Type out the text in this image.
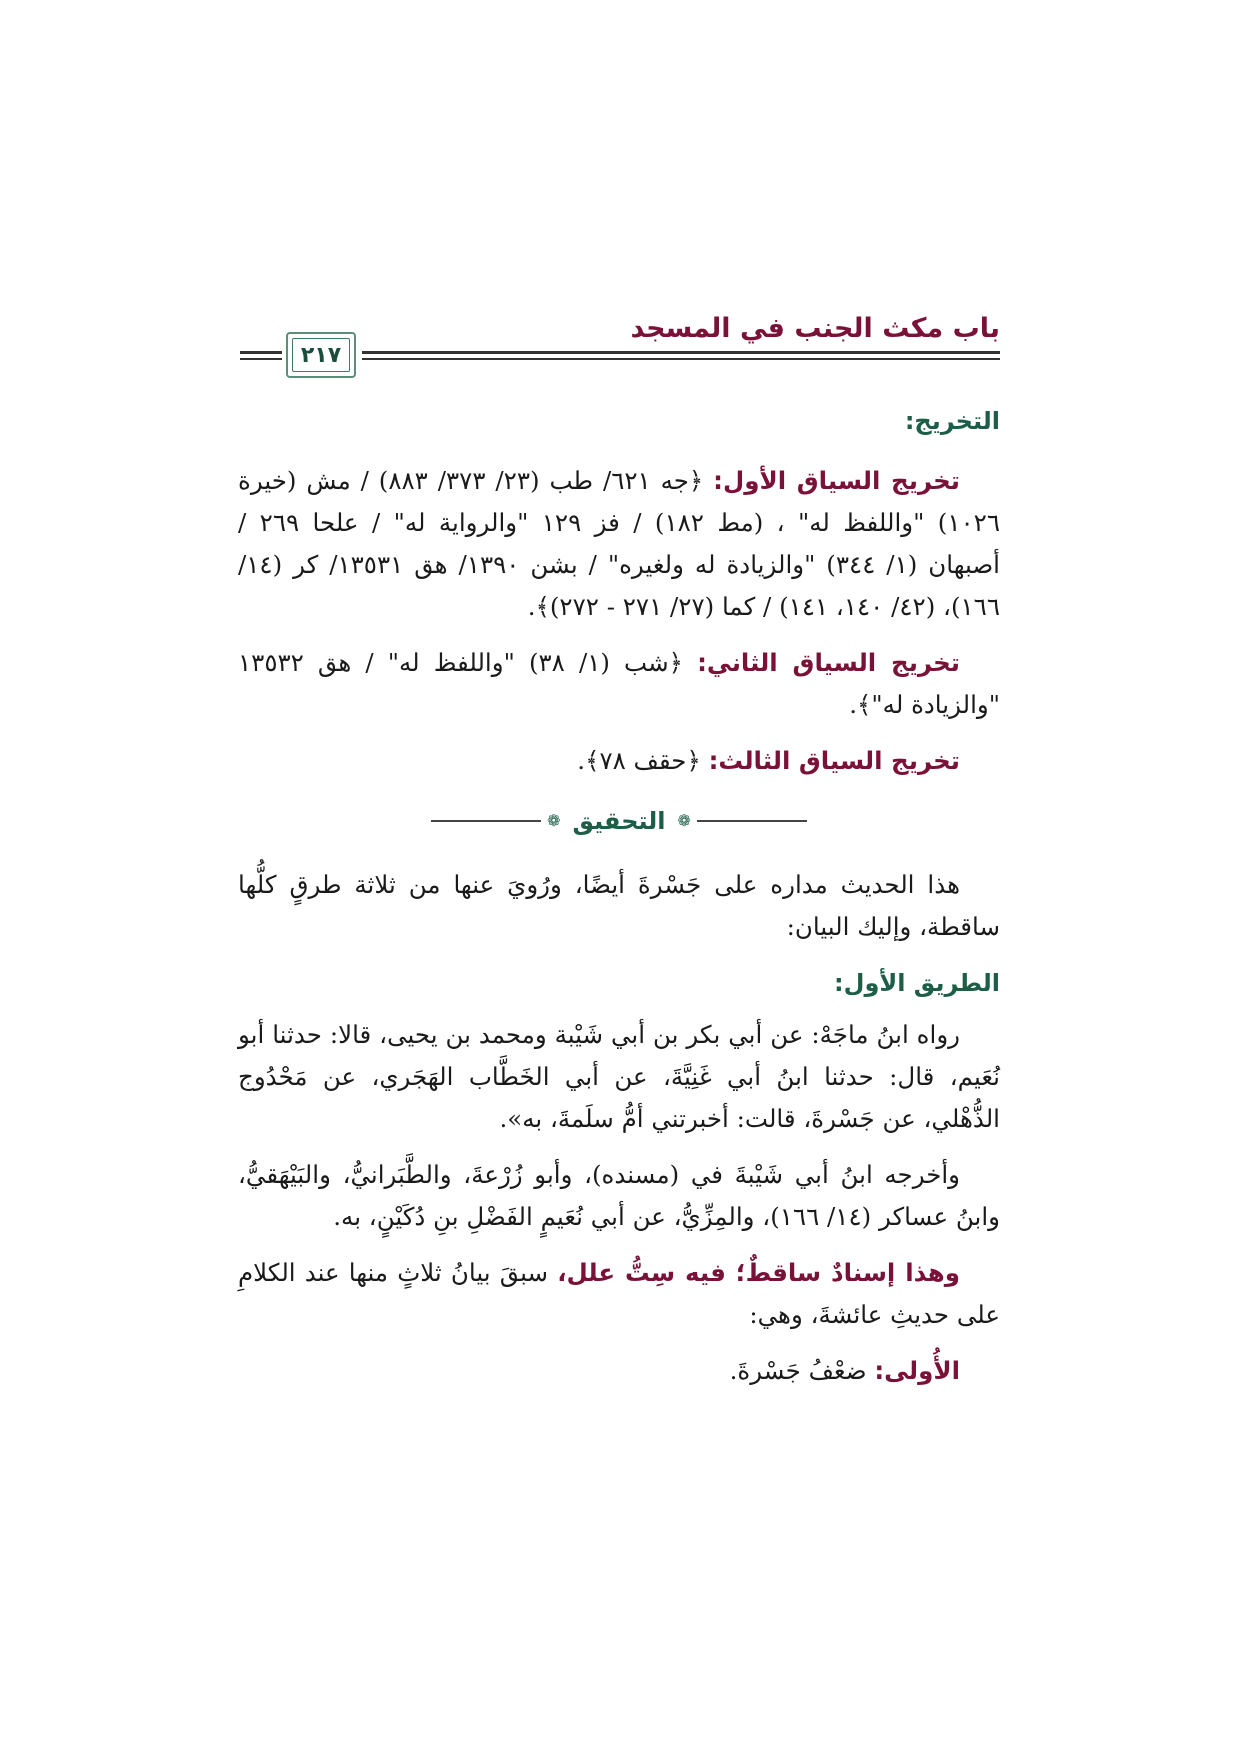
باب مكث الجنب في المسجد
٢١٧

التخريج:

تخريج السياق الأول: ﴿جه ٦٢١/ طب (٢٣/ ٣٧٣/ ٨٨٣) / مش (خيرة ١٠٢٦) "واللفظ له" ، (مط ١٨٢) / فز ١٢٩ "والرواية له" / علحا ٢٦٩ / أصبهان (١/ ٣٤٤) "والزيادة له ولغيره" / بشن ١٣٩٠/ هق ١٣٥٣١/ كر (١٤/ ١٦٦)، (٤٢/ ١٤٠، ١٤١) / كما (٢٧/ ٢٧١ - ٢٧٢)﴾.

تخريج السياق الثاني: ﴿شب (١/ ٣٨) "واللفظ له" / هق ١٣٥٣٢ "والزيادة له"﴾.

تخريج السياق الثالث: ﴿حقف ٧٨﴾.

❁
التحقيق
❁

هذا الحديث مداره على جَسْرةَ أيضًا، ورُويَ عنها من ثلاثة طرقٍ كلُّها ساقطة، وإليك البيان:

الطريق الأول:

رواه ابنُ ماجَهْ: عن أبي بكر بن أبي شَيْبة ومحمد بن يحيى، قالا: حدثنا أبو نُعَيم، قال: حدثنا ابنُ أبي غَنِيَّةَ، عن أبي الخَطَّاب الهَجَري، عن مَحْدُوج الذُّهْلي، عن جَسْرةَ، قالت: أخبرتني أمُّ سلَمةَ، به».

وأخرجه ابنُ أبي شَيْبةَ في (مسنده)، وأبو زُرْعةَ، والطَّبَرانيُّ، والبَيْهَقيُّ، وابنُ عساكر (١٤/ ١٦٦)، والمِزِّيُّ، عن أبي نُعَيمٍ الفَضْلِ بنِ دُكَيْنٍ، به.

وهذا إسنادٌ ساقطٌ؛ فيه سِتُّ علل، سبقَ بيانُ ثلاثٍ منها عند الكلامِ على حديثِ عائشةَ، وهي:

الأُولى: ضعْفُ جَسْرةَ.
